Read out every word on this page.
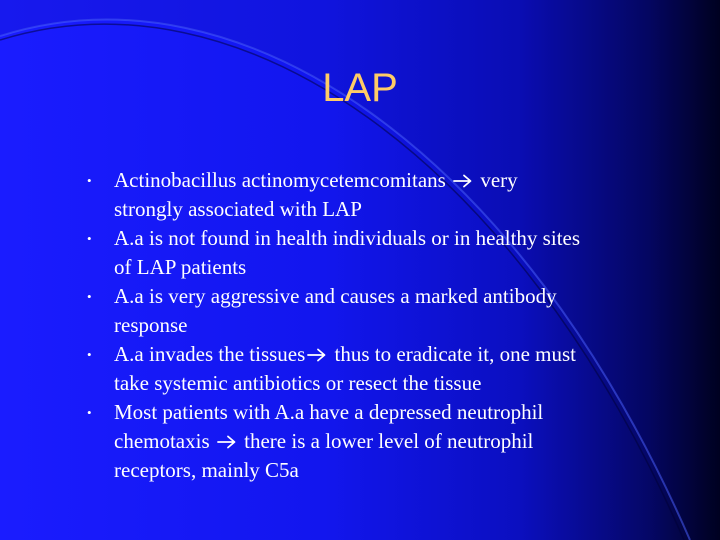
LAP
• Actinobacillus actinomycetemcomitans
very
strongly associated with LAP
• A.a is not found in health individuals or in healthy sites
of LAP patients
• A.a is very aggressive and causes a marked antibody
response
• A.a invades the tissues
thus to eradicate it, one must
take systemic antibiotics or resect the tissue
• Most patients with A.a have a depressed neutrophil
chemotaxis
there is a lower level of neutrophil
receptors, mainly C5a
